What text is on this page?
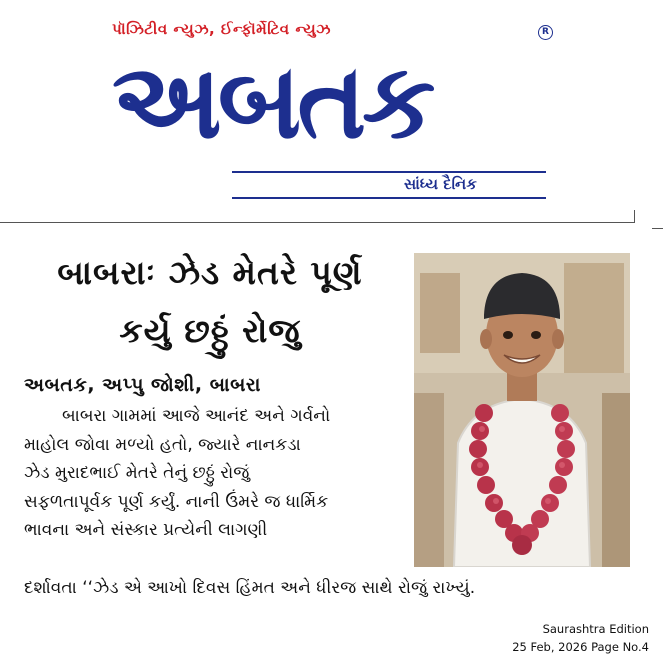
પૉઝિટીવ ન્યુઝ, ઈન્ફૉર્મેટિવ ન્યુઝ	R
અબતક
સાંધ્ય દૈનિક
બાબરાઃ ઝેડ મેતરે પૂર્ણ
કર્યુ છઠ્ઠું રોજુ
અબતક, અપ્પુ જોશી, બાબરા
બાબરા ગામમાં આજે આનંદ અને ગર્વનો
માહોલ જોવા મળ્યો હતો, જ્યારે નાનકડા
ઝેડ મુરાદભાઈ મેતરે તેનું છઠ્ઠું રોજું
સફળતાપૂર્વક પૂર્ણ કર્યું. નાની ઉંમરે જ ધાર્મિક
ભાવના અને સંસ્કાર પ્રત્યેની લાગણી
દર્શાવતા ‘‘ઝેડ એ આખો દિવસ હિંમત અને ધીરજ સાથે રોજું રાખ્યું.
Saurashtra Edition
25 Feb, 2026 Page No.4
